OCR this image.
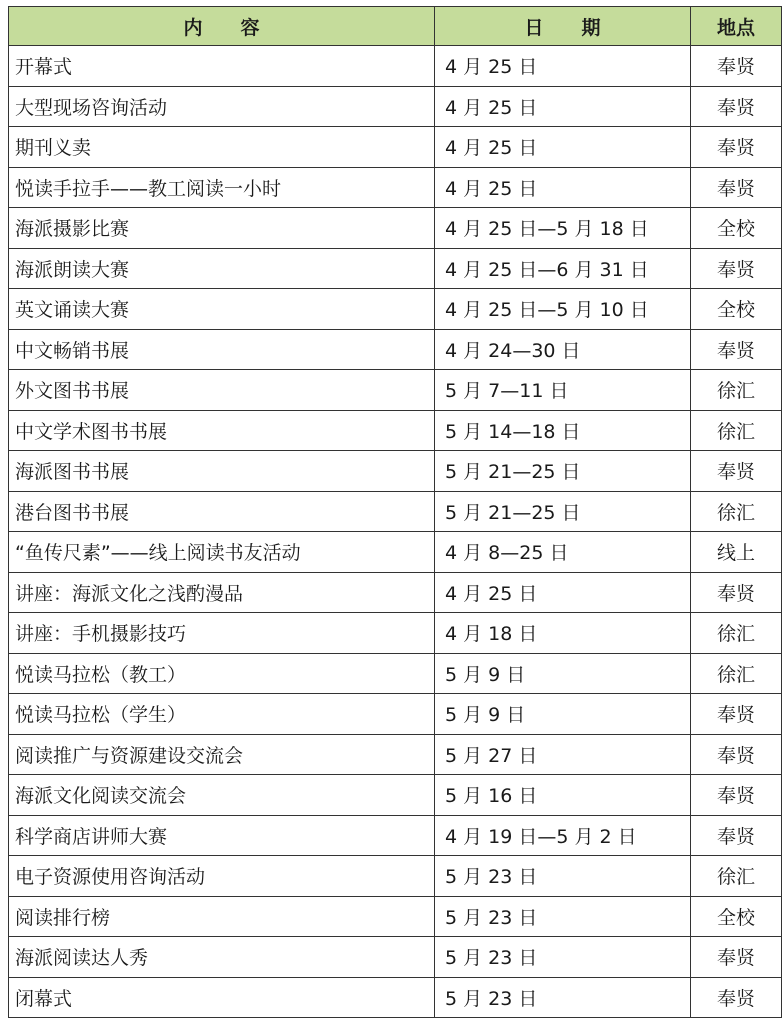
内　　容	日　　期	地点
开幕式	4 月 25 日	奉贤
大型现场咨询活动	4 月 25 日	奉贤
期刊义卖	4 月 25 日	奉贤
悦读手拉手——教工阅读一小时	4 月 25 日	奉贤
海派摄影比赛	4 月 25 日—5 月 18 日	全校
海派朗读大赛	4 月 25 日—6 月 31 日	奉贤
英文诵读大赛	4 月 25 日—5 月 10 日	全校
中文畅销书展	4 月 24—30 日	奉贤
外文图书书展	5 月 7—11 日	徐汇
中文学术图书书展	5 月 14—18 日	徐汇
海派图书书展	5 月 21—25 日	奉贤
港台图书书展	5 月 21—25 日	徐汇
“鱼传尺素”——线上阅读书友活动	4 月 8—25 日	线上
讲座：海派文化之浅酌漫品	4 月 25 日	奉贤
讲座：手机摄影技巧	4 月 18 日	徐汇
悦读马拉松（教工）	5 月 9 日	徐汇
悦读马拉松（学生）	5 月 9 日	奉贤
阅读推广与资源建设交流会	5 月 27 日	奉贤
海派文化阅读交流会	5 月 16 日	奉贤
科学商店讲师大赛	4 月 19 日—5 月 2 日	奉贤
电子资源使用咨询活动	5 月 23 日	徐汇
阅读排行榜	5 月 23 日	全校
海派阅读达人秀	5 月 23 日	奉贤
闭幕式	5 月 23 日	奉贤
